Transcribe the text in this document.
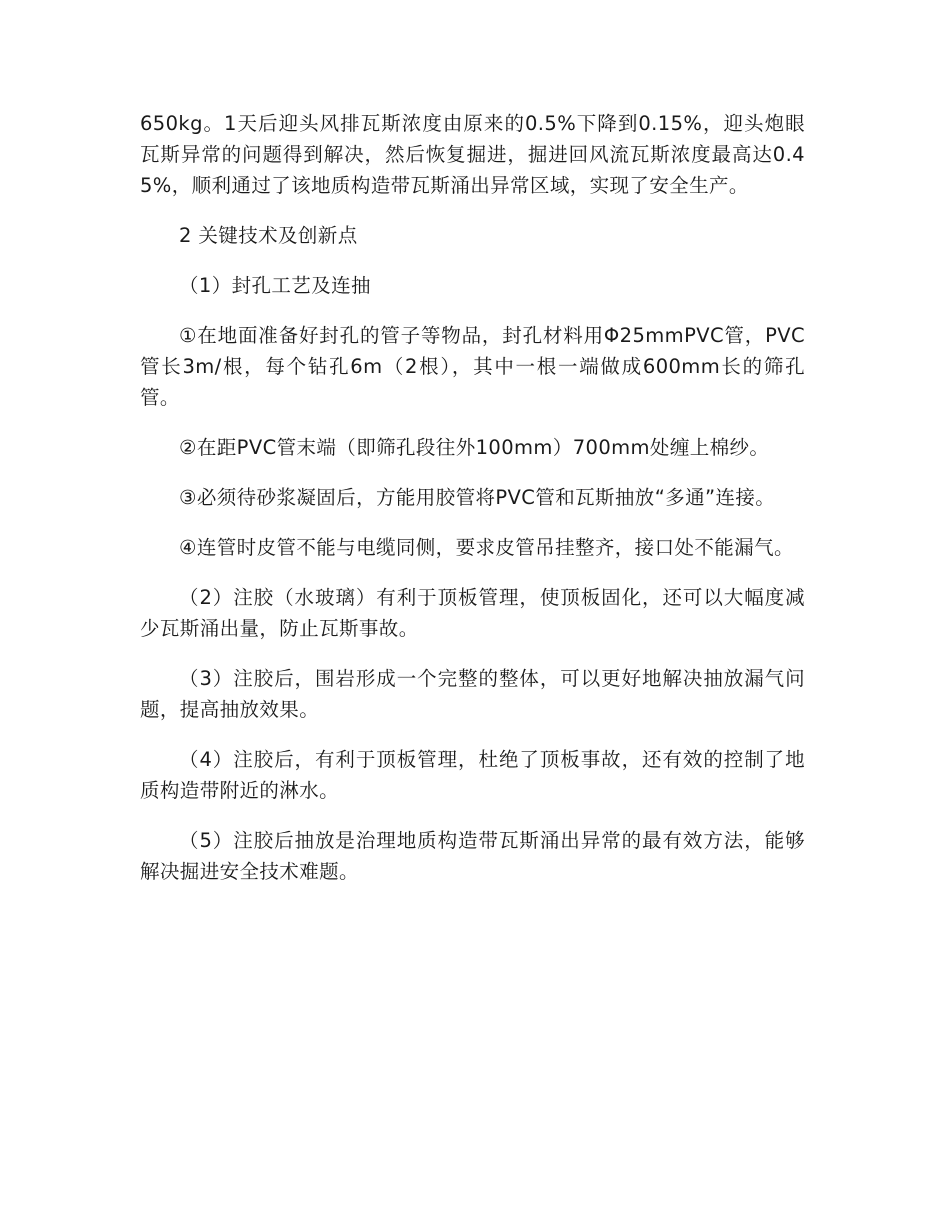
650kg。1天后迎头风排瓦斯浓度由原来的0.5%下降到0.15%，迎头炮眼瓦斯异常的问题得到解决，然后恢复掘进，掘进回风流瓦斯浓度最高达0.45%，顺利通过了该地质构造带瓦斯涌出异常区域，实现了安全生产。

2 关键技术及创新点

（1）封孔工艺及连抽

①在地面准备好封孔的管子等物品，封孔材料用Φ25mmPVC管，PVC管长3m/根，每个钻孔6m（2根），其中一根一端做成600mm长的筛孔管。

②在距PVC管末端（即筛孔段往外100mm）700mm处缠上棉纱。

③必须待砂浆凝固后，方能用胶管将PVC管和瓦斯抽放“多通”连接。

④连管时皮管不能与电缆同侧，要求皮管吊挂整齐，接口处不能漏气。

（2）注胶（水玻璃）有利于顶板管理，使顶板固化，还可以大幅度减少瓦斯涌出量，防止瓦斯事故。

（3）注胶后，围岩形成一个完整的整体，可以更好地解决抽放漏气问题，提高抽放效果。

（4）注胶后，有利于顶板管理，杜绝了顶板事故，还有效的控制了地质构造带附近的淋水。

（5）注胶后抽放是治理地质构造带瓦斯涌出异常的最有效方法，能够解决掘进安全技术难题。
